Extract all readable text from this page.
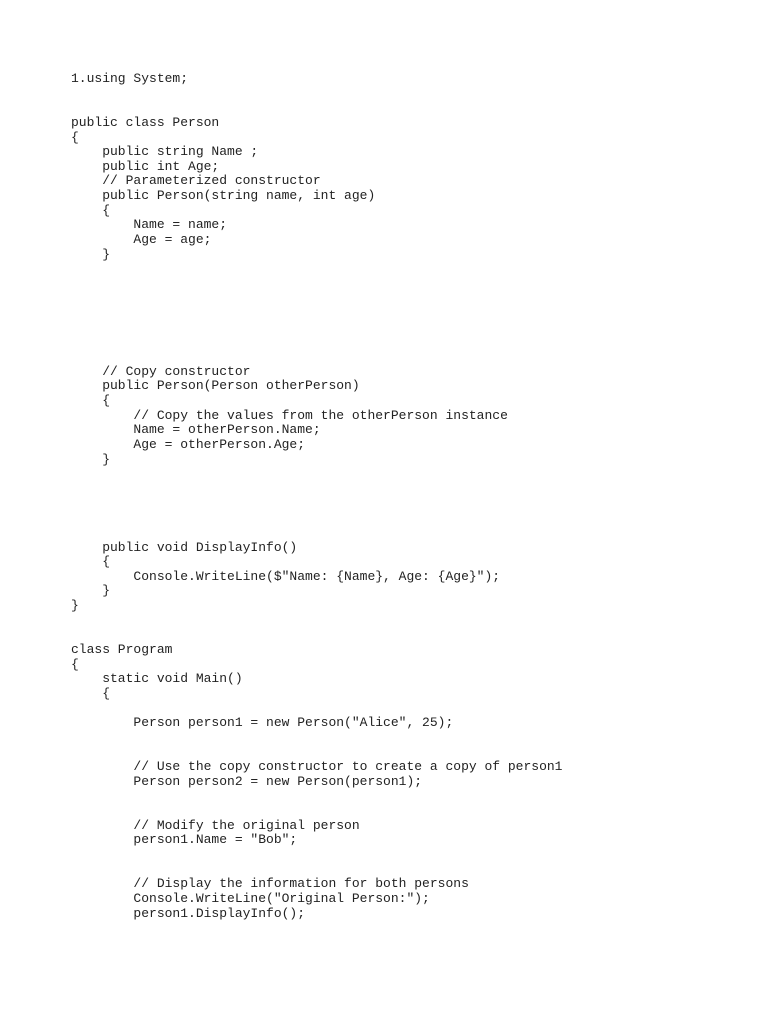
1.using System;
public class Person
{
public string Name ;
public int Age;
// Parameterized constructor
public Person(string name, int age)
{
Name = name;
Age = age;
}
// Copy constructor
public Person(Person otherPerson)
{
// Copy the values from the otherPerson instance
Name = otherPerson.Name;
Age = otherPerson.Age;
}
public void DisplayInfo()
{
Console.WriteLine($"Name: {Name}, Age: {Age}");
}
}
class Program
{
static void Main()
{
Person person1 = new Person("Alice", 25);
// Use the copy constructor to create a copy of person1
Person person2 = new Person(person1);
// Modify the original person
person1.Name = "Bob";
// Display the information for both persons
Console.WriteLine("Original Person:");
person1.DisplayInfo();
